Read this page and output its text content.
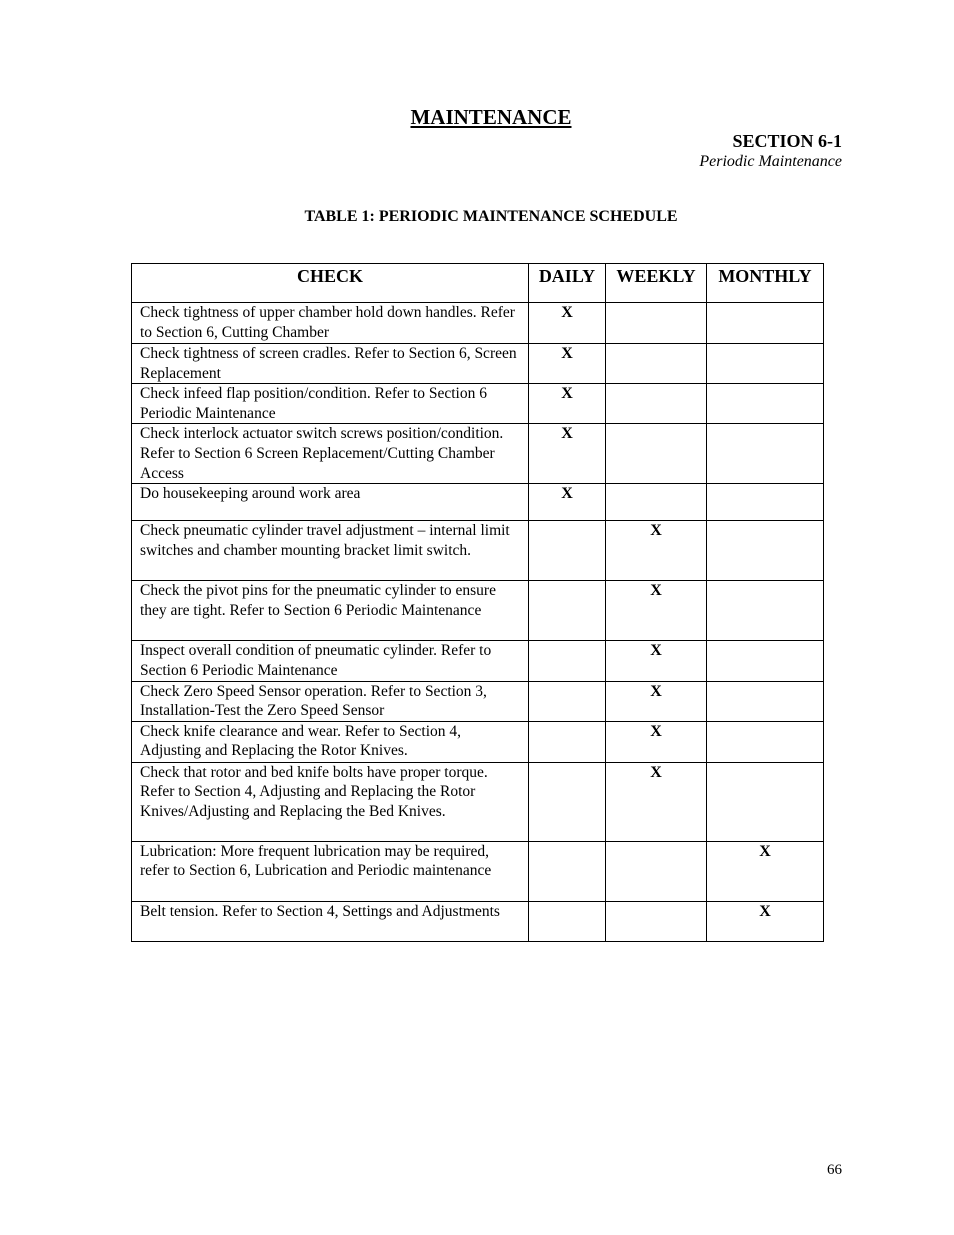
MAINTENANCE
SECTION 6-1
Periodic Maintenance
TABLE 1: PERIODIC MAINTENANCE SCHEDULE
CHECK	DAILY	WEEKLY	MONTHLY
Check tightness of upper chamber hold down handles. Refer to Section 6, Cutting Chamber	X		
Check tightness of screen cradles. Refer to Section 6, Screen Replacement	X		
Check infeed flap position/condition. Refer to Section 6 Periodic Maintenance	X		
Check interlock actuator switch screws position/condition. Refer to Section 6 Screen Replacement/Cutting Chamber Access	X		
Do housekeeping around work area	X		
Check pneumatic cylinder travel adjustment – internal limit switches and chamber mounting bracket limit switch.		X	
Check the pivot pins for the pneumatic cylinder to ensure they are tight. Refer to Section 6 Periodic Maintenance		X	
Inspect overall condition of pneumatic cylinder. Refer to Section 6 Periodic Maintenance		X	
Check Zero Speed Sensor operation. Refer to Section 3, Installation-Test the Zero Speed Sensor		X	
Check knife clearance and wear. Refer to Section 4, Adjusting and Replacing the Rotor Knives.		X	
Check that rotor and bed knife bolts have proper torque. Refer to Section 4, Adjusting and Replacing the Rotor Knives/Adjusting and Replacing the Bed Knives.		X	
Lubrication: More frequent lubrication may be required, refer to Section 6, Lubrication and Periodic maintenance			X
Belt tension. Refer to Section 4, Settings and Adjustments			X
66
